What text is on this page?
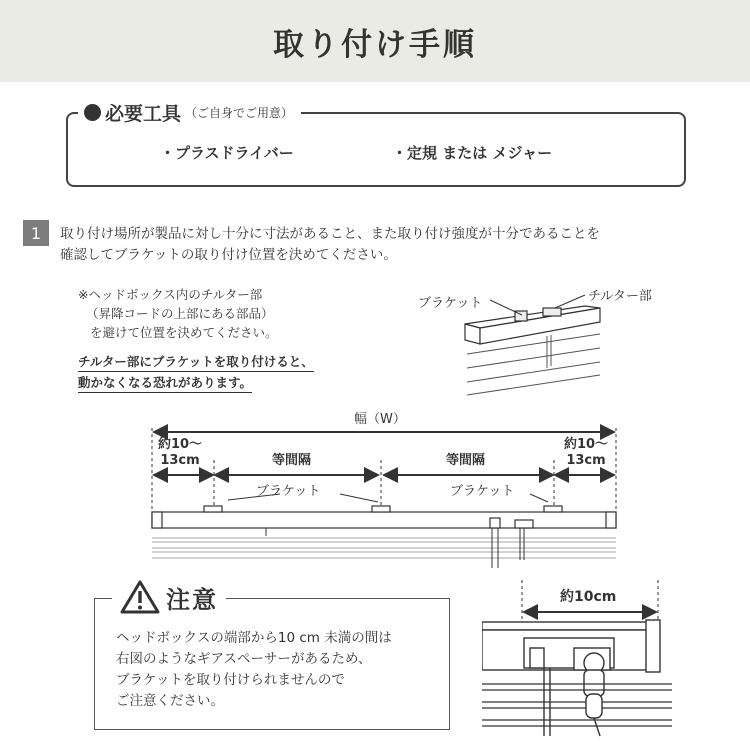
取り付け手順
必要工具 （ご自身でご用意）
・プラスドライバー	・定規 または メジャー
1	取り付け場所が製品に対し十分に寸法があること、また取り付け強度が十分であることを
確認してブラケットの取り付け位置を決めてください。
※ヘッドボックス内のチルター部
（昇降コードの上部にある部品）
を避けて位置を決めてください。
チルター部にブラケットを取り付けると、
動かなくなる恐れがあります。
ブラケット	チルター部
幅（W）
約10～
13cm
約10～
13cm
等間隔	等間隔
ブラケット	ブラケット
注意
ヘッドボックスの端部から10 cm 未満の間は
右図のようなギアスペーサーがあるため、
ブラケットを取り付けられませんので
ご注意ください。
約10cm
